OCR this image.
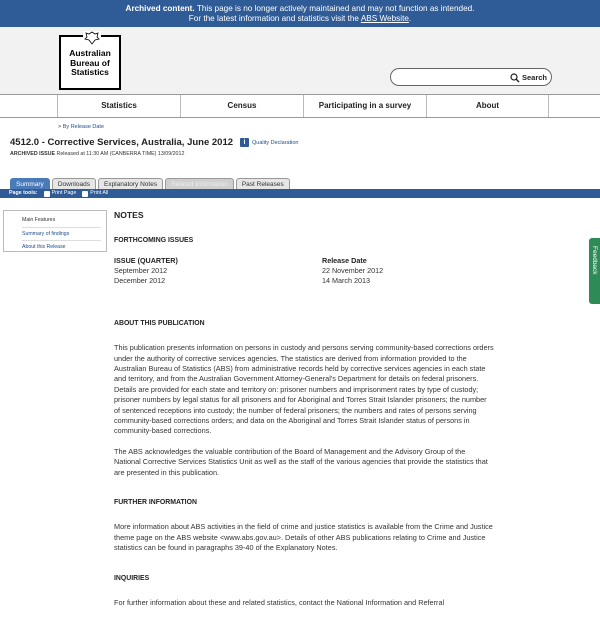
Archived content. This page is no longer actively maintained and may not function as intended.
For the latest information and statistics visit the ABS Website.
Australian
Bureau of
Statistics
Search
Statistics	Census	Participating in a survey	About
> By Release Date
4512.0 - Corrective Services, Australia, June 2012	i	Quality Declaration
ARCHIVED ISSUE Released at 11:30 AM (CANBERRA TIME) 13/09/2012
Summary	Downloads	Explanatory Notes	Related Information	Past Releases
Page tools:	Print Page	Print All
Main Features
Summary of findings
About this Release
NOTES
FORTHCOMING ISSUES
ISSUE (QUARTER)	Release Date
September 2012	22 November 2012
December 2012	14 March 2013
ABOUT THIS PUBLICATION

This publication presents information on persons in custody and persons serving community-based corrections orders under the authority of corrective services agencies. The statistics are derived from information provided to the Australian Bureau of Statistics (ABS) from administrative records held by corrective services agencies in each state and territory, and from the Australian Government Attorney-General's Department for details on federal prisoners. Details are provided for each state and territory on: prisoner numbers and imprisonment rates by type of custody; prisoner numbers by legal status for all prisoners and for Aboriginal and Torres Strait Islander prisoners; the number of sentenced receptions into custody; the number of federal prisoners; the numbers and rates of persons serving community-based corrections orders; and data on the Aboriginal and Torres Strait Islander status of persons in community-based corrections.

The ABS acknowledges the valuable contribution of the Board of Management and the Advisory Group of the National Corrective Services Statistics Unit as well as the staff of the various agencies that provide the statistics that are presented in this publication.

FURTHER INFORMATION

More information about ABS activities in the field of crime and justice statistics is available from the Crime and Justice theme page on the ABS website <www.abs.gov.au>. Details of other ABS publications relating to Crime and Justice statistics can be found in paragraphs 39-40 of the Explanatory Notes.

INQUIRIES

For further information about these and related statistics, contact the National Information and Referral

Feedback
